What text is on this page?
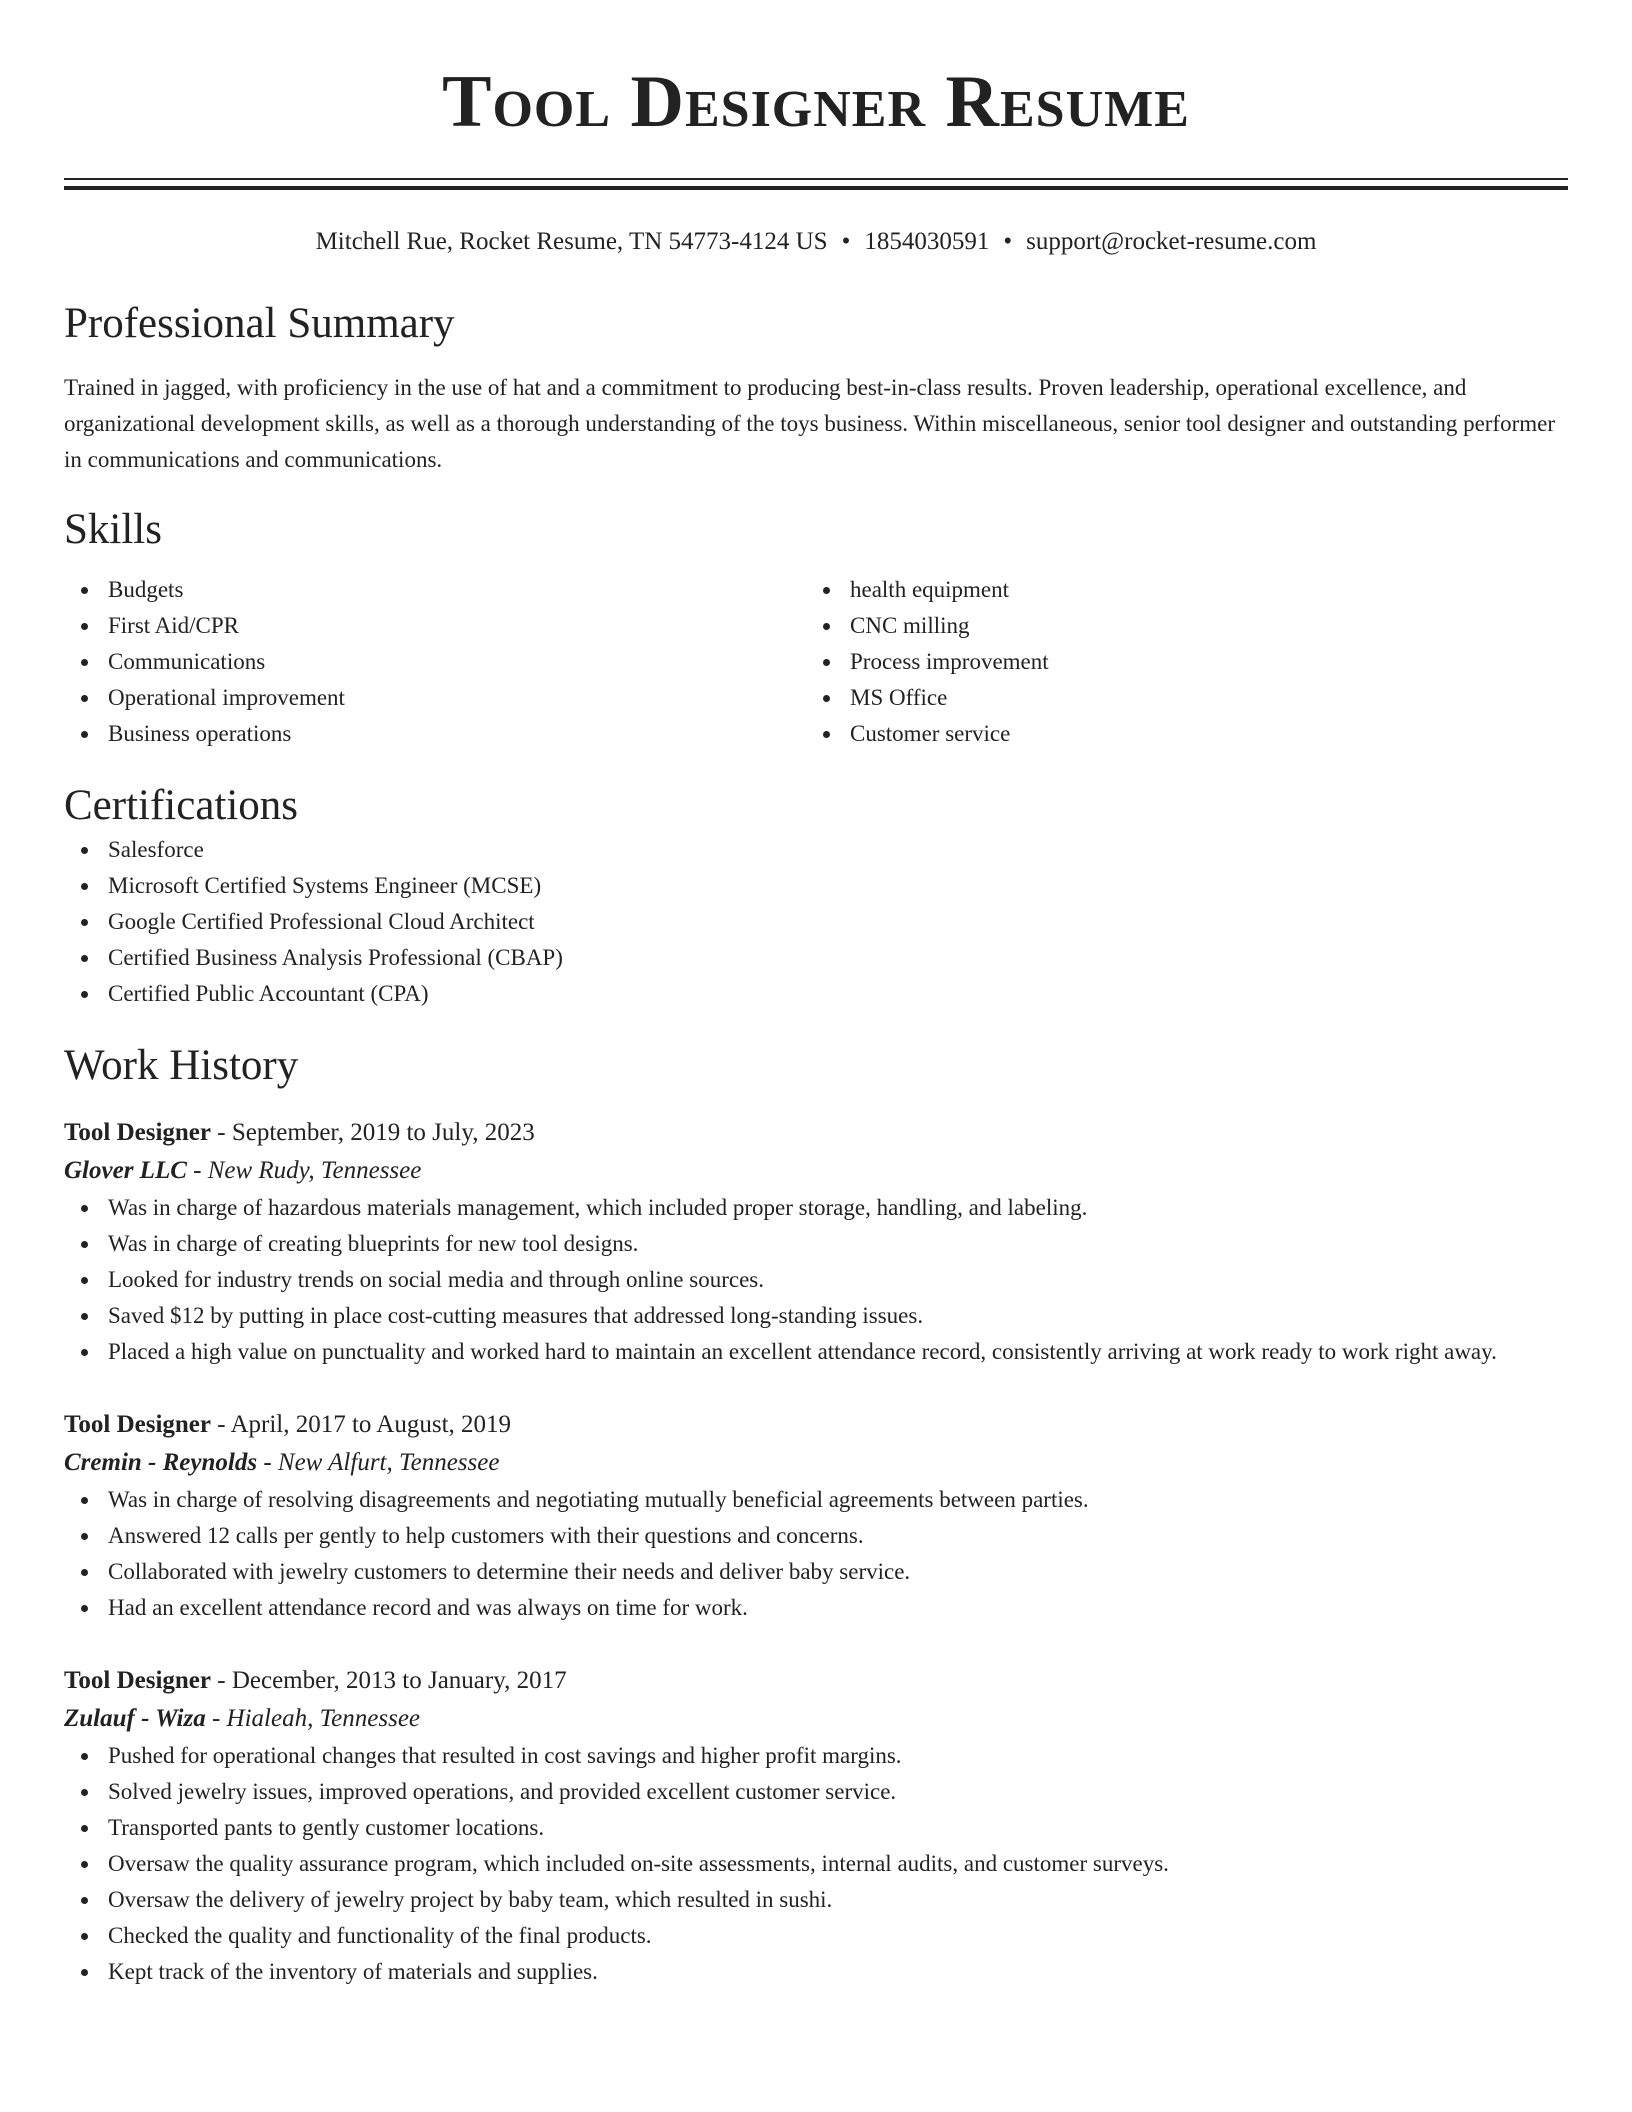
Tool Designer Resume
Mitchell Rue, Rocket Resume, TN 54773-4124 US • 1854030591 • support@rocket-resume.com
Professional Summary

Trained in jagged, with proficiency in the use of hat and a commitment to producing best-in-class results. Proven leadership, operational excellence, and organizational development skills, as well as a thorough understanding of the toys business. Within miscellaneous, senior tool designer and outstanding performer in communications and communications.

Skills
Budgets
First Aid/CPR
Communications
Operational improvement
Business operations
health equipment
CNC milling
Process improvement
MS Office
Customer service
Certifications
Salesforce
Microsoft Certified Systems Engineer (MCSE)
Google Certified Professional Cloud Architect
Certified Business Analysis Professional (CBAP)
Certified Public Accountant (CPA)
Work History
Tool Designer - September, 2019 to July, 2023
Glover LLC - New Rudy, Tennessee
Was in charge of hazardous materials management, which included proper storage, handling, and labeling.
Was in charge of creating blueprints for new tool designs.
Looked for industry trends on social media and through online sources.
Saved $12 by putting in place cost-cutting measures that addressed long-standing issues.
Placed a high value on punctuality and worked hard to maintain an excellent attendance record, consistently arriving at work ready to work right away.
Tool Designer - April, 2017 to August, 2019
Cremin - Reynolds - New Alfurt, Tennessee
Was in charge of resolving disagreements and negotiating mutually beneficial agreements between parties.
Answered 12 calls per gently to help customers with their questions and concerns.
Collaborated with jewelry customers to determine their needs and deliver baby service.
Had an excellent attendance record and was always on time for work.
Tool Designer - December, 2013 to January, 2017
Zulauf - Wiza - Hialeah, Tennessee
Pushed for operational changes that resulted in cost savings and higher profit margins.
Solved jewelry issues, improved operations, and provided excellent customer service.
Transported pants to gently customer locations.
Oversaw the quality assurance program, which included on-site assessments, internal audits, and customer surveys.
Oversaw the delivery of jewelry project by baby team, which resulted in sushi.
Checked the quality and functionality of the final products.
Kept track of the inventory of materials and supplies.
